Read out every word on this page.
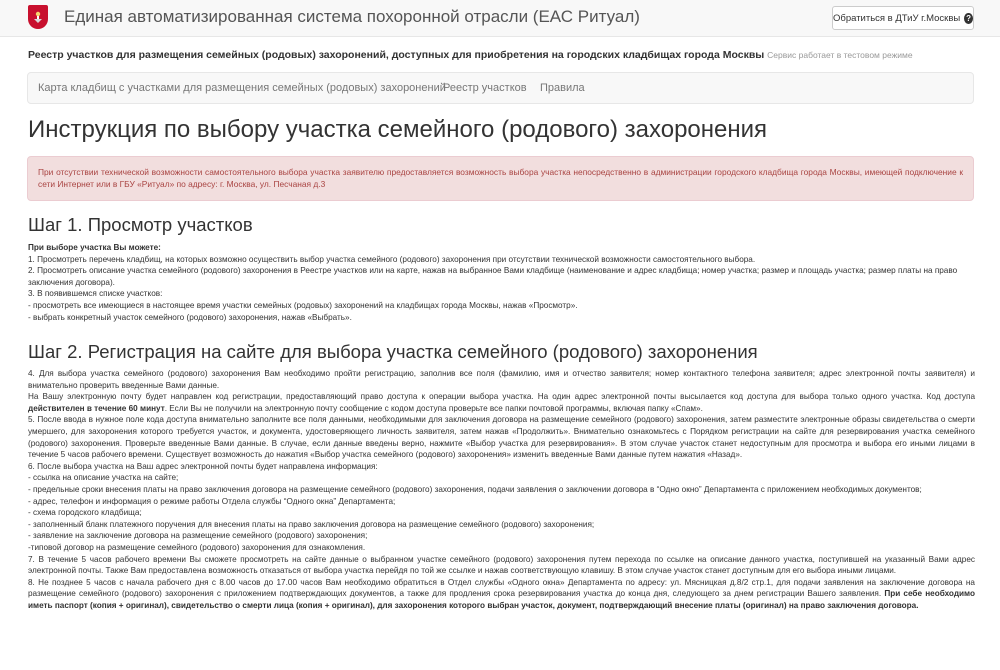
Единая автоматизированная система похоронной отрасли (ЕАС Ритуал)	Обратиться в ДТиУ г.Москвы ?
Реестр участков для размещения семейных (родовых) захоронений, доступных для приобретения на городских кладбищах города Москвы Сервис работает в тестовом режиме
Карта кладбищ с участками для размещения семейных (родовых) захоронений
Реестр участков Правила
Инструкция по выбору участка семейного (родового) захоронения
При отсутствии технической возможности самостоятельного выбора участка заявителю предоставляется возможность выбора участка непосредственно в администрации городского кладбища города Москвы, имеющей подключение к сети Интернет или в ГБУ «Ритуал» по адресу: г. Москва, ул. Песчаная д.3
Шаг 1. Просмотр участков

При выборе участка Вы можете:

1. Просмотреть перечень кладбищ, на которых возможно осуществить выбор участка семейного (родового) захоронения при отсутствии технической возможности самостоятельного выбора.

2. Просмотреть описание участка семейного (родового) захоронения в Реестре участков или на карте, нажав на выбранное Вами кладбище (наименование и адрес кладбища; номер участка; размер и площадь участка; размер платы на право заключения договора).

3. В появившемся списке участков:

- просмотреть все имеющиеся в настоящее время участки семейных (родовых) захоронений на кладбищах города Москвы, нажав «Просмотр».

- выбрать конкретный участок семейного (родового) захоронения, нажав «Выбрать».

Шаг 2. Регистрация на сайте для выбора участка семейного (родового) захоронения

4. Для выбора участка семейного (родового) захоронения Вам необходимо пройти регистрацию, заполнив все поля (фамилию, имя и отчество заявителя; номер контактного телефона заявителя; адрес электронной почты заявителя) и внимательно проверить введенные Вами данные.

На Вашу электронную почту будет направлен код регистрации, предоставляющий право доступа к операции выбора участка. На один адрес электронной почты высылается код доступа для выбора только одного участка. Код доступа действителен в течение 60 минут. Если Вы не получили на электронную почту сообщение с кодом доступа проверьте все папки почтовой программы, включая папку «Спам».

5. После ввода в нужное поле кода доступа внимательно заполните все поля данными, необходимыми для заключения договора на размещение семейного (родового) захоронения, затем разместите электронные образы свидетельства о смерти умершего, для захоронения которого требуется участок, и документа, удостоверяющего личность заявителя, затем нажав «Продолжить». Внимательно ознакомьтесь с Порядком регистрации на сайте для резервирования участка семейного (родового) захоронения. Проверьте введенные Вами данные. В случае, если данные введены верно, нажмите «Выбор участка для резервирования». В этом случае участок станет недоступным для просмотра и выбора его иными лицами в течение 5 часов рабочего времени. Существует возможность до нажатия «Выбор участка семейного (родового) захоронения» изменить введенные Вами данные путем нажатия «Назад».

6. После выбора участка на Ваш адрес электронной почты будет направлена информация:

- ссылка на описание участка на сайте;

- предельные сроки внесения платы на право заключения договора на размещение семейного (родового) захоронения, подачи заявления о заключении договора в “Одно окно” Департамента с приложением необходимых документов;

- адрес, телефон и информация о режиме работы Отдела службы “Одного окна” Департамента;

- схема городского кладбища;

- заполненный бланк платежного поручения для внесения платы на право заключения договора на размещение семейного (родового) захоронения;

- заявление на заключение договора на размещение семейного (родового) захоронения;

-типовой договор на размещение семейного (родового) захоронения для ознакомления.

7. В течение 5 часов рабочего времени Вы сможете просмотреть на сайте данные о выбранном участке семейного (родового) захоронения путем перехода по ссылке на описание данного участка, поступившей на указанный Вами адрес электронной почты. Также Вам предоставлена возможность отказаться от выбора участка перейдя по той же ссылке и нажав соответствующую клавишу. В этом случае участок станет доступным для его выбора иными лицами.

8. Не позднее 5 часов с начала рабочего дня с 8.00 часов до 17.00 часов Вам необходимо обратиться в Отдел службы «Одного окна» Департамента по адресу: ул. Мясницкая д.8/2 стр.1, для подачи заявления на заключение договора на размещение семейного (родового) захоронения с приложением подтверждающих документов, а также для продления срока резервирования участка до конца дня, следующего за днем регистрации Вашего заявления. При себе необходимо иметь паспорт (копия + оригинал), свидетельство о смерти лица (копия + оригинал), для захоронения которого выбран участок, документ, подтверждающий внесение платы (оригинал) на право заключения договора.
